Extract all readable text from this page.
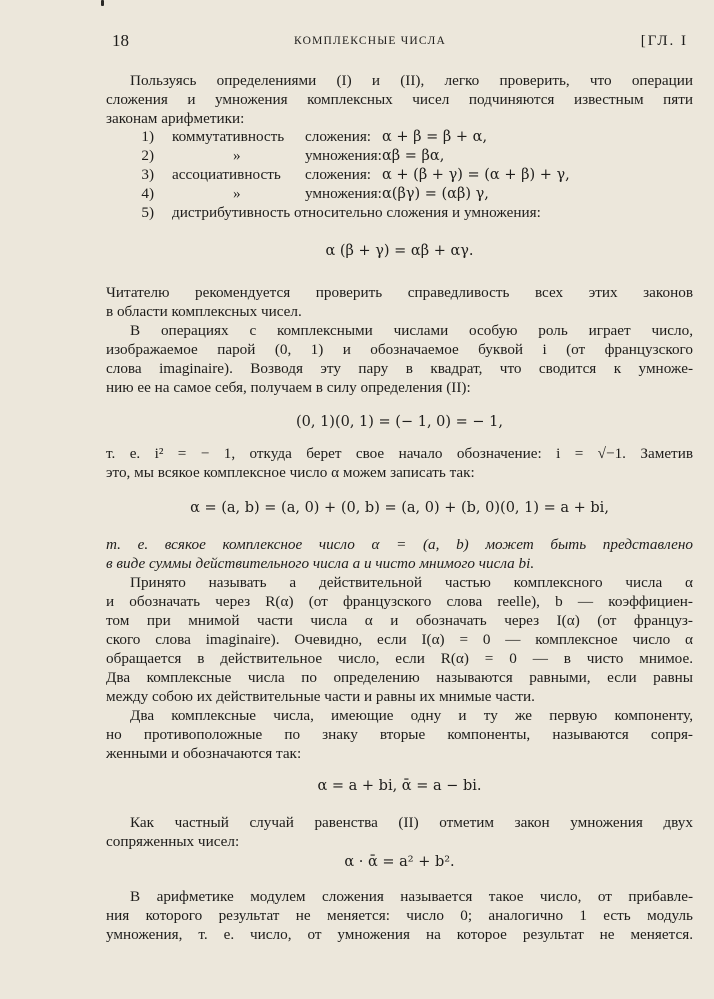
18	КОМПЛЕКСНЫЕ ЧИСЛА	[ГЛ. I
Пользуясь определениями (I) и (II), легко проверить, что операции
сложения и умножения комплексных чисел подчиняются известным пяти
законам арифметики:
1) коммутативность сложения: α + β = β + α,
2)	»	умножения: αβ = βα,
3) ассоциативность сложения: α + (β + γ) = (α + β) + γ,
4)	»	умножения: α(βγ) = (αβ) γ,
5) дистрибутивность относительно сложения и умножения:
α (β + γ) = αβ + αγ.
Читателю рекомендуется проверить справедливость всех этих законов
в области комплексных чисел.
В операциях с комплексными числами особую роль играет число,
изображаемое парой (0, 1) и обозначаемое буквой i (от французского
слова imaginaire). Возводя эту пару в квадрат, что сводится к умноже-
нию ее на самое себя, получаем в силу определения (II):
(0, 1)(0, 1) = (− 1, 0) = − 1,
т. е. i² = − 1, откуда берет свое начало обозначение: i = √−1. Заметив
это, мы всякое комплексное число α можем записать так:
α = (a, b) = (a, 0) + (0, b) = (a, 0) + (b, 0)(0, 1) = a + bi,
т. е. всякое комплексное число α = (a, b) может быть представлено
в виде суммы действительного числа a и чисто мнимого числа bi.
Принято называть a действительной частью комплексного числа α
и обозначать через R(α) (от французского слова reelle), b — коэффициен-
том при мнимой части числа α и обозначать через I(α) (от француз-
ского слова imaginaire). Очевидно, если I(α) = 0 — комплексное число α
обращается в действительное число, если R(α) = 0 — в чисто мнимое.
Два комплексные числа по определению называются равными, если равны
между собою их действительные части и равны их мнимые части.
Два комплексные числа, имеющие одну и ту же первую компоненту,
но противоположные по знаку вторые компоненты, называются сопря-
женными и обозначаются так:
α = a + bi, ᾱ = a − bi.
Как частный случай равенства (II) отметим закон умножения двух
сопряженных чисел:
α · ᾱ = a² + b².
В арифметике модулем сложения называется такое число, от прибавле-
ния которого результат не меняется: число 0; аналогично 1 есть модуль
умножения, т. е. число, от умножения на которое результат не меняется.
